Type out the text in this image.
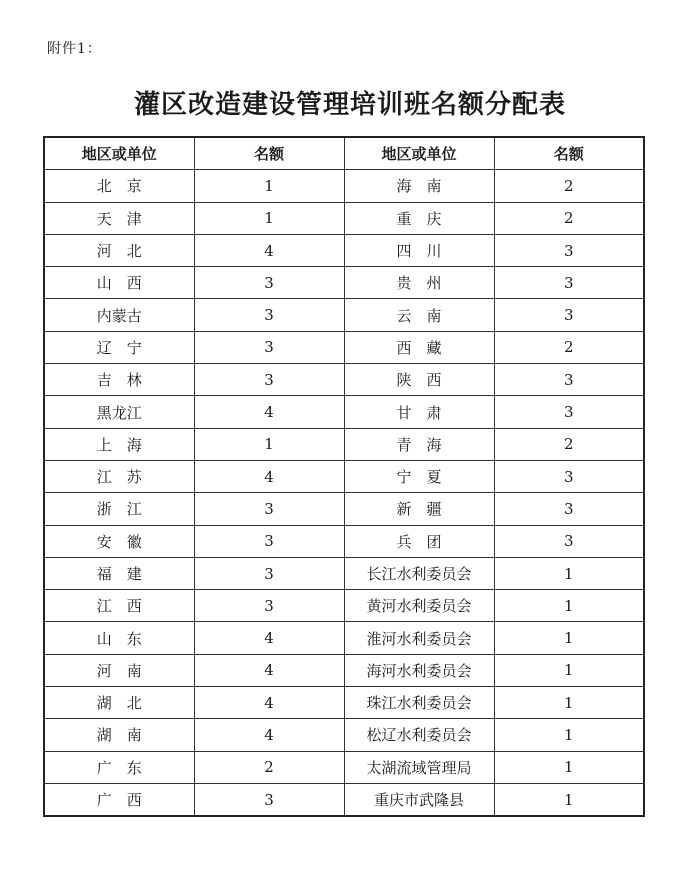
附件1：
灌区改造建设管理培训班名额分配表
地区或单位	名额	地区或单位	名额
北　京	1	海　南	2
天　津	1	重　庆	2
河　北	4	四　川	3
山　西	3	贵　州	3
内蒙古	3	云　南	3
辽　宁	3	西　藏	2
吉　林	3	陕　西	3
黑龙江	4	甘　肃	3
上　海	1	青　海	2
江　苏	4	宁　夏	3
浙　江	3	新　疆	3
安　徽	3	兵　团	3
福　建	3	长江水利委员会	1
江　西	3	黄河水利委员会	1
山　东	4	淮河水利委员会	1
河　南	4	海河水利委员会	1
湖　北	4	珠江水利委员会	1
湖　南	4	松辽水利委员会	1
广　东	2	太湖流域管理局	1
广　西	3	重庆市武隆县	1
